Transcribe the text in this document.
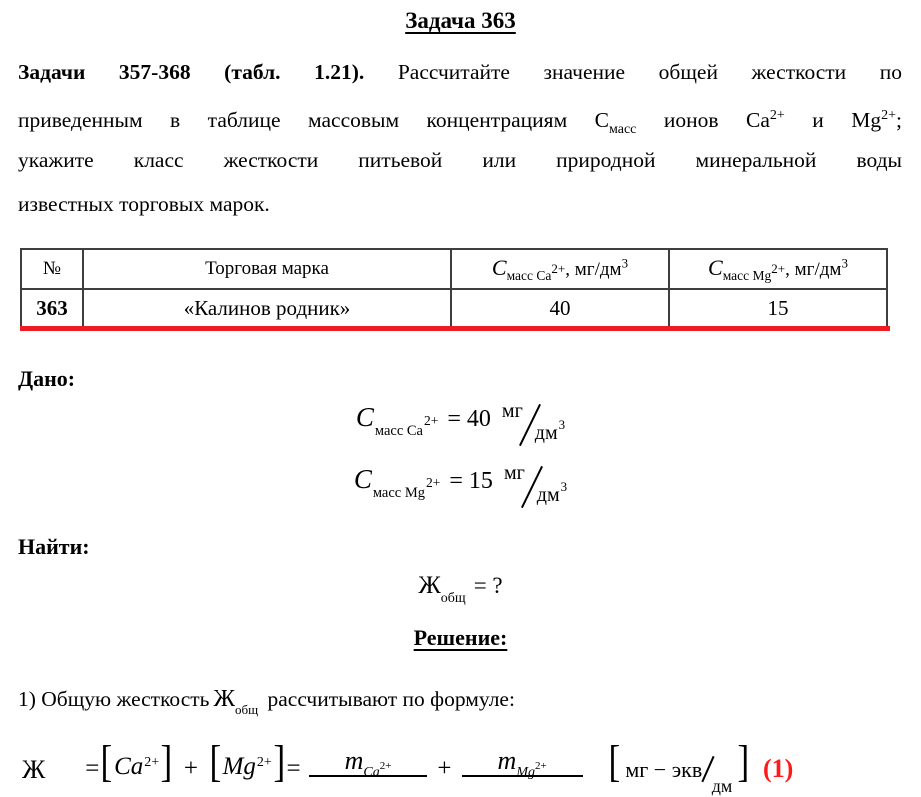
Задача 363
Задачи 357-368 (табл. 1.21). Рассчитайте значение общей жесткости по
приведенным в таблице массовым концентрациям $С_{масс}$ ионов $Ca^{2+}$ и $Mg^{2+}$;
укажите класс жесткости питьевой или природной минеральной воды
известных торговых марок.
№	Торговая марка	$C_{масс Ca}2+$, $мг/дм^3$	$C_{масс Mg}2+$, $мг/дм^3$
363	«Калинов родник»	40	15
Дано:
Cмасс Ca2+ = 40 мгдм$^3$
Cмасс Mg2+ = 15 мгдм$^3$
Найти:
Жобщ= ?
Решение:
1) Общую жесткость $Ж_{общ}$ рассчитывают по формуле:
Ж = [ $Ca^{2+}$ ] + [ $Mg^{2+}$ ] = $m_{Ca^{2+}} + m_{Mg^{2+}}$ [ мг − экв
дм ] (1)
